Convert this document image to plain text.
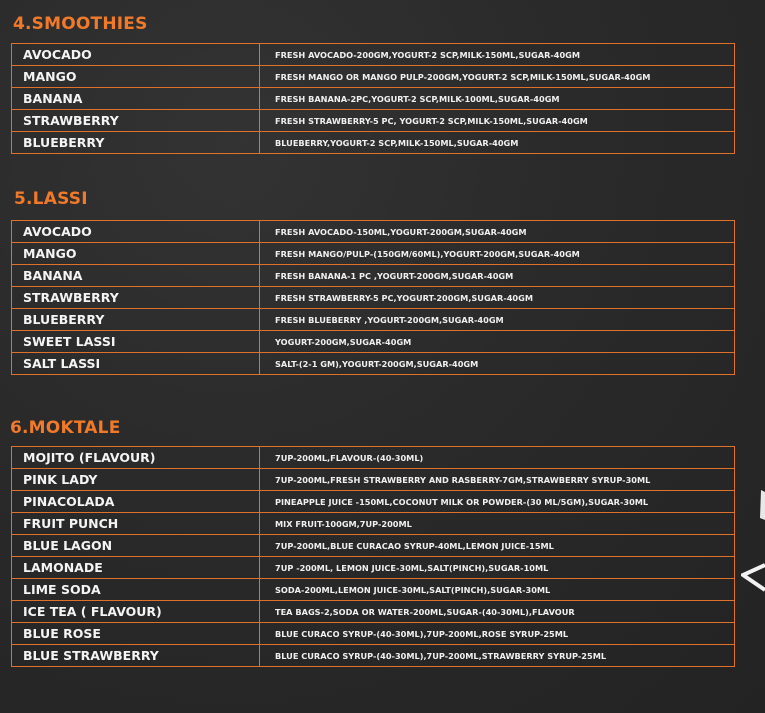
4.SMOOTHIES
AVOCADO	FRESH AVOCADO-200GM,YOGURT-2 SCP,MILK-150ML,SUGAR-40GM
MANGO	FRESH MANGO OR MANGO PULP-200GM,YOGURT-2 SCP,MILK-150ML,SUGAR-40GM
BANANA	FRESH BANANA-2PC,YOGURT-2 SCP,MILK-100ML,SUGAR-40GM
STRAWBERRY	FRESH STRAWBERRY-5 PC, YOGURT-2 SCP,MILK-150ML,SUGAR-40GM
BLUEBERRY	BLUEBERRY,YOGURT-2 SCP,MILK-150ML,SUGAR-40GM
5.LASSI
AVOCADO	FRESH AVOCADO-150ML,YOGURT-200GM,SUGAR-40GM
MANGO	FRESH MANGO/PULP-(150GM/60ML),YOGURT-200GM,SUGAR-40GM
BANANA	FRESH BANANA-1 PC ,YOGURT-200GM,SUGAR-40GM
STRAWBERRY	FRESH STRAWBERRY-5 PC,YOGURT-200GM,SUGAR-40GM
BLUEBERRY	FRESH BLUEBERRY ,YOGURT-200GM,SUGAR-40GM
SWEET LASSI	YOGURT-200GM,SUGAR-40GM
SALT LASSI	SALT-(2-1 GM),YOGURT-200GM,SUGAR-40GM
6.MOKTALE
MOJITO (FLAVOUR)	7UP-200ML,FLAVOUR-(40-30ML)
PINK LADY	7UP-200ML,FRESH STRAWBERRY AND RASBERRY-7GM,STRAWBERRY SYRUP-30ML
PINACOLADA	PINEAPPLE JUICE -150ML,COCONUT MILK OR POWDER-(30 ML/5GM),SUGAR-30ML
FRUIT PUNCH	MIX FRUIT-100GM,7UP-200ML
BLUE LAGON	7UP-200ML,BLUE CURACAO SYRUP-40ML,LEMON JUICE-15ML
LAMONADE	7UP -200ML, LEMON JUICE-30ML,SALT(PINCH),SUGAR-10ML
LIME SODA	SODA-200ML,LEMON JUICE-30ML,SALT(PINCH),SUGAR-30ML
ICE TEA ( FLAVOUR)	TEA BAGS-2,SODA OR WATER-200ML,SUGAR-(40-30ML),FLAVOUR
BLUE ROSE	BLUE CURACO SYRUP-(40-30ML),7UP-200ML,ROSE SYRUP-25ML
BLUE STRAWBERRY	BLUE CURACO SYRUP-(40-30ML),7UP-200ML,STRAWBERRY SYRUP-25ML
